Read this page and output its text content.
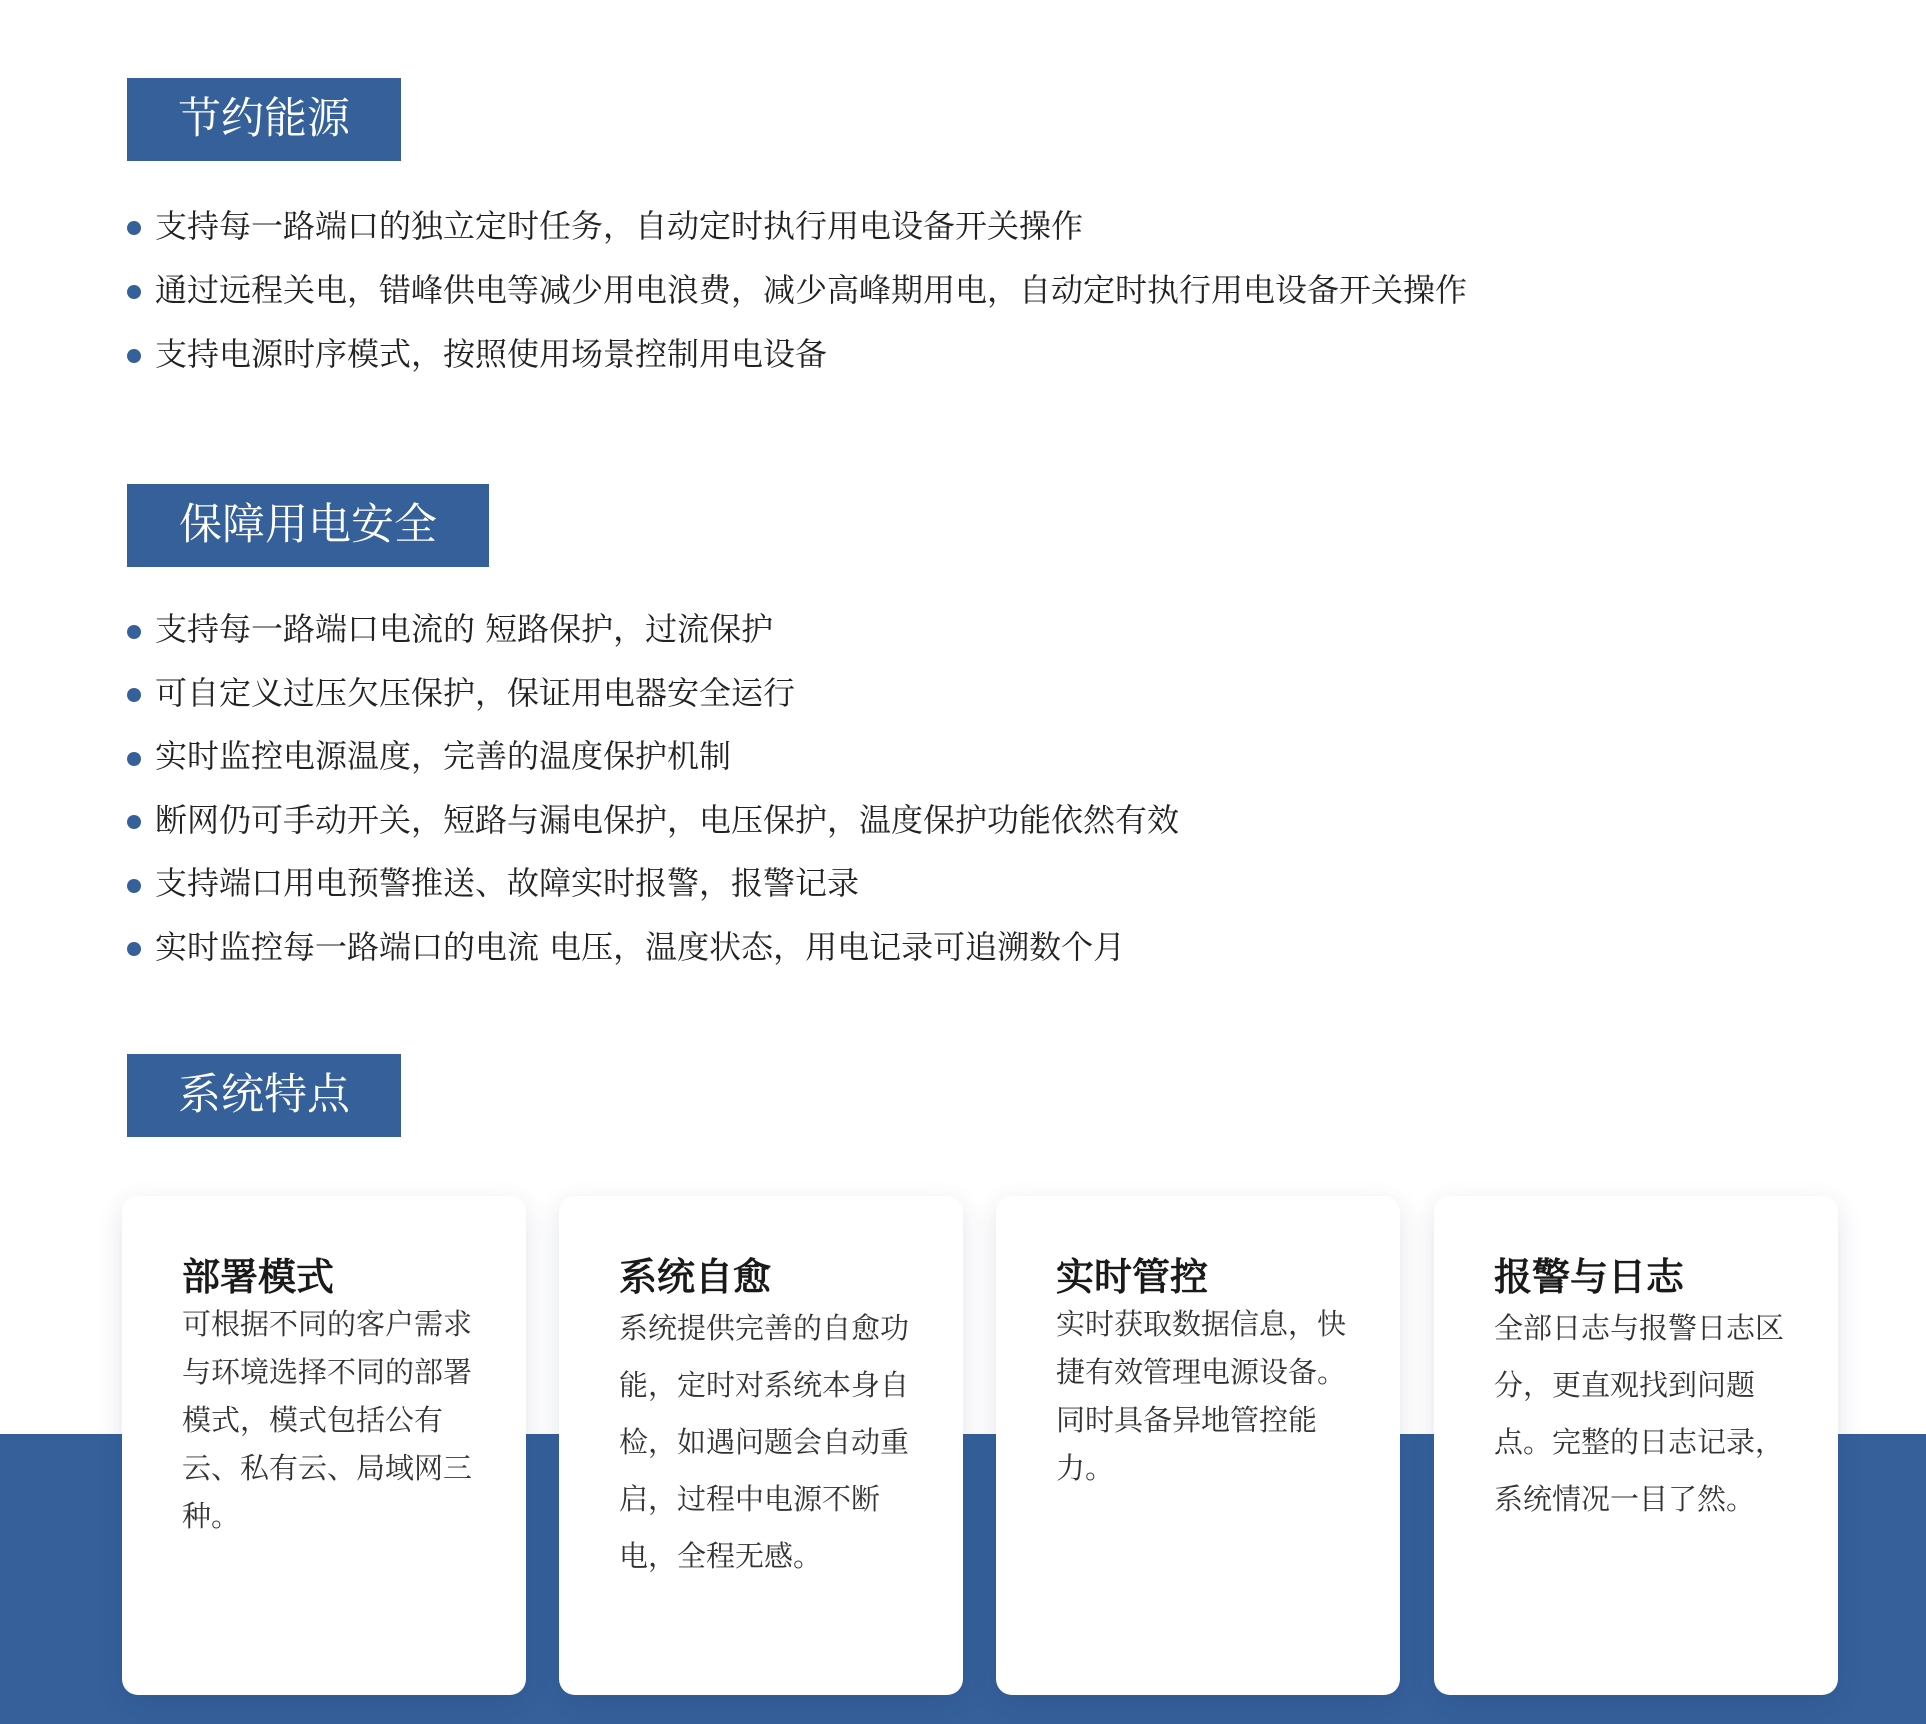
节约能源
支持每一路端口的独立定时任务，自动定时执行用电设备开关操作
通过远程关电，错峰供电等减少用电浪费，减少高峰期用电，自动定时执行用电设备开关操作
支持电源时序模式，按照使用场景控制用电设备
保障用电安全
支持每一路端口电流的 短路保护，过流保护
可自定义过压欠压保护，保证用电器安全运行
实时监控电源温度，完善的温度保护机制
断网仍可手动开关，短路与漏电保护，电压保护，温度保护功能依然有效
支持端口用电预警推送、故障实时报警，报警记录
实时监控每一路端口的电流 电压，温度状态，用电记录可追溯数个月
系统特点
部署模式

可根据不同的客户需求与环境选择不同的部署模式，模式包括公有云、私有云、局域网三种。

系统自愈

系统提供完善的自愈功能，定时对系统本身自检，如遇问题会自动重启，过程中电源不断电，全程无感。

实时管控

实时获取数据信息，快捷有效管理电源设备。同时具备异地管控能力。

报警与日志

全部日志与报警日志区分，更直观找到问题点。完整的日志记录，系统情况一目了然。
